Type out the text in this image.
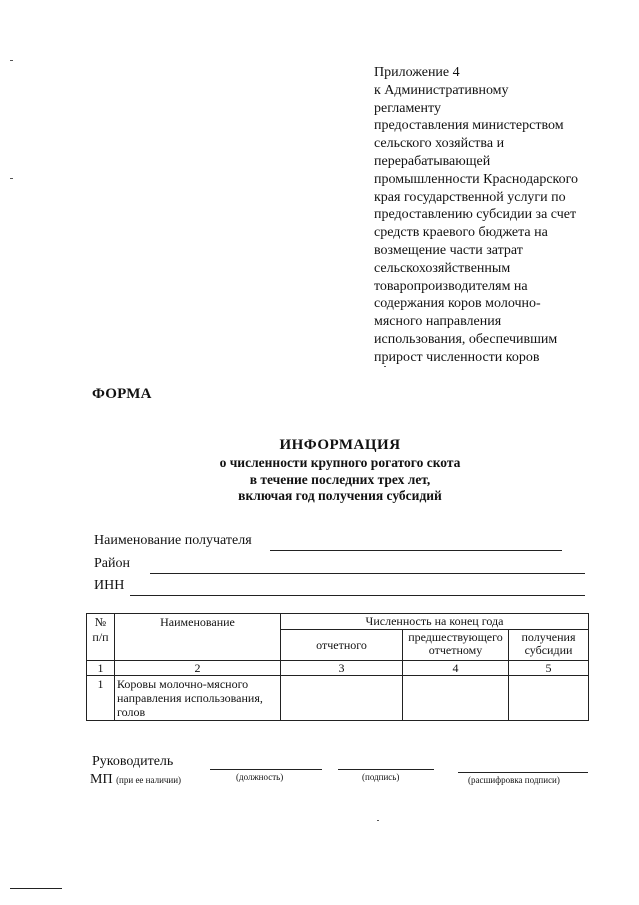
Приложение 4
к Административному
регламенту
предоставления министерством
сельского хозяйства и
перерабатывающей
промышленности Краснодарского
края государственной услуги по
предоставлению субсидии за счет
средств краевого бюджета на
возмещение части затрат
сельскохозяйственным
товаропроизводителям на
содержания коров молочно-
мясного направления
использования, обеспечившим
прирост численности коров
ФОРМА
ИНФОРМАЦИЯ
о численности крупного рогатого скота
в течение последних трех лет,
включая год получения субсидий
Наименование получателя
Район
ИНН
№ п/п	Наименование	Численность на конец года		
		отчетного	предшествующего отчетному	получения субсидии
1	2	3	4	5
1	Коровы молочно-мясного направления использования, голов			
Руководитель
МП (при ее наличии)	(должность)	(подпись)	(расшифровка подписи)
